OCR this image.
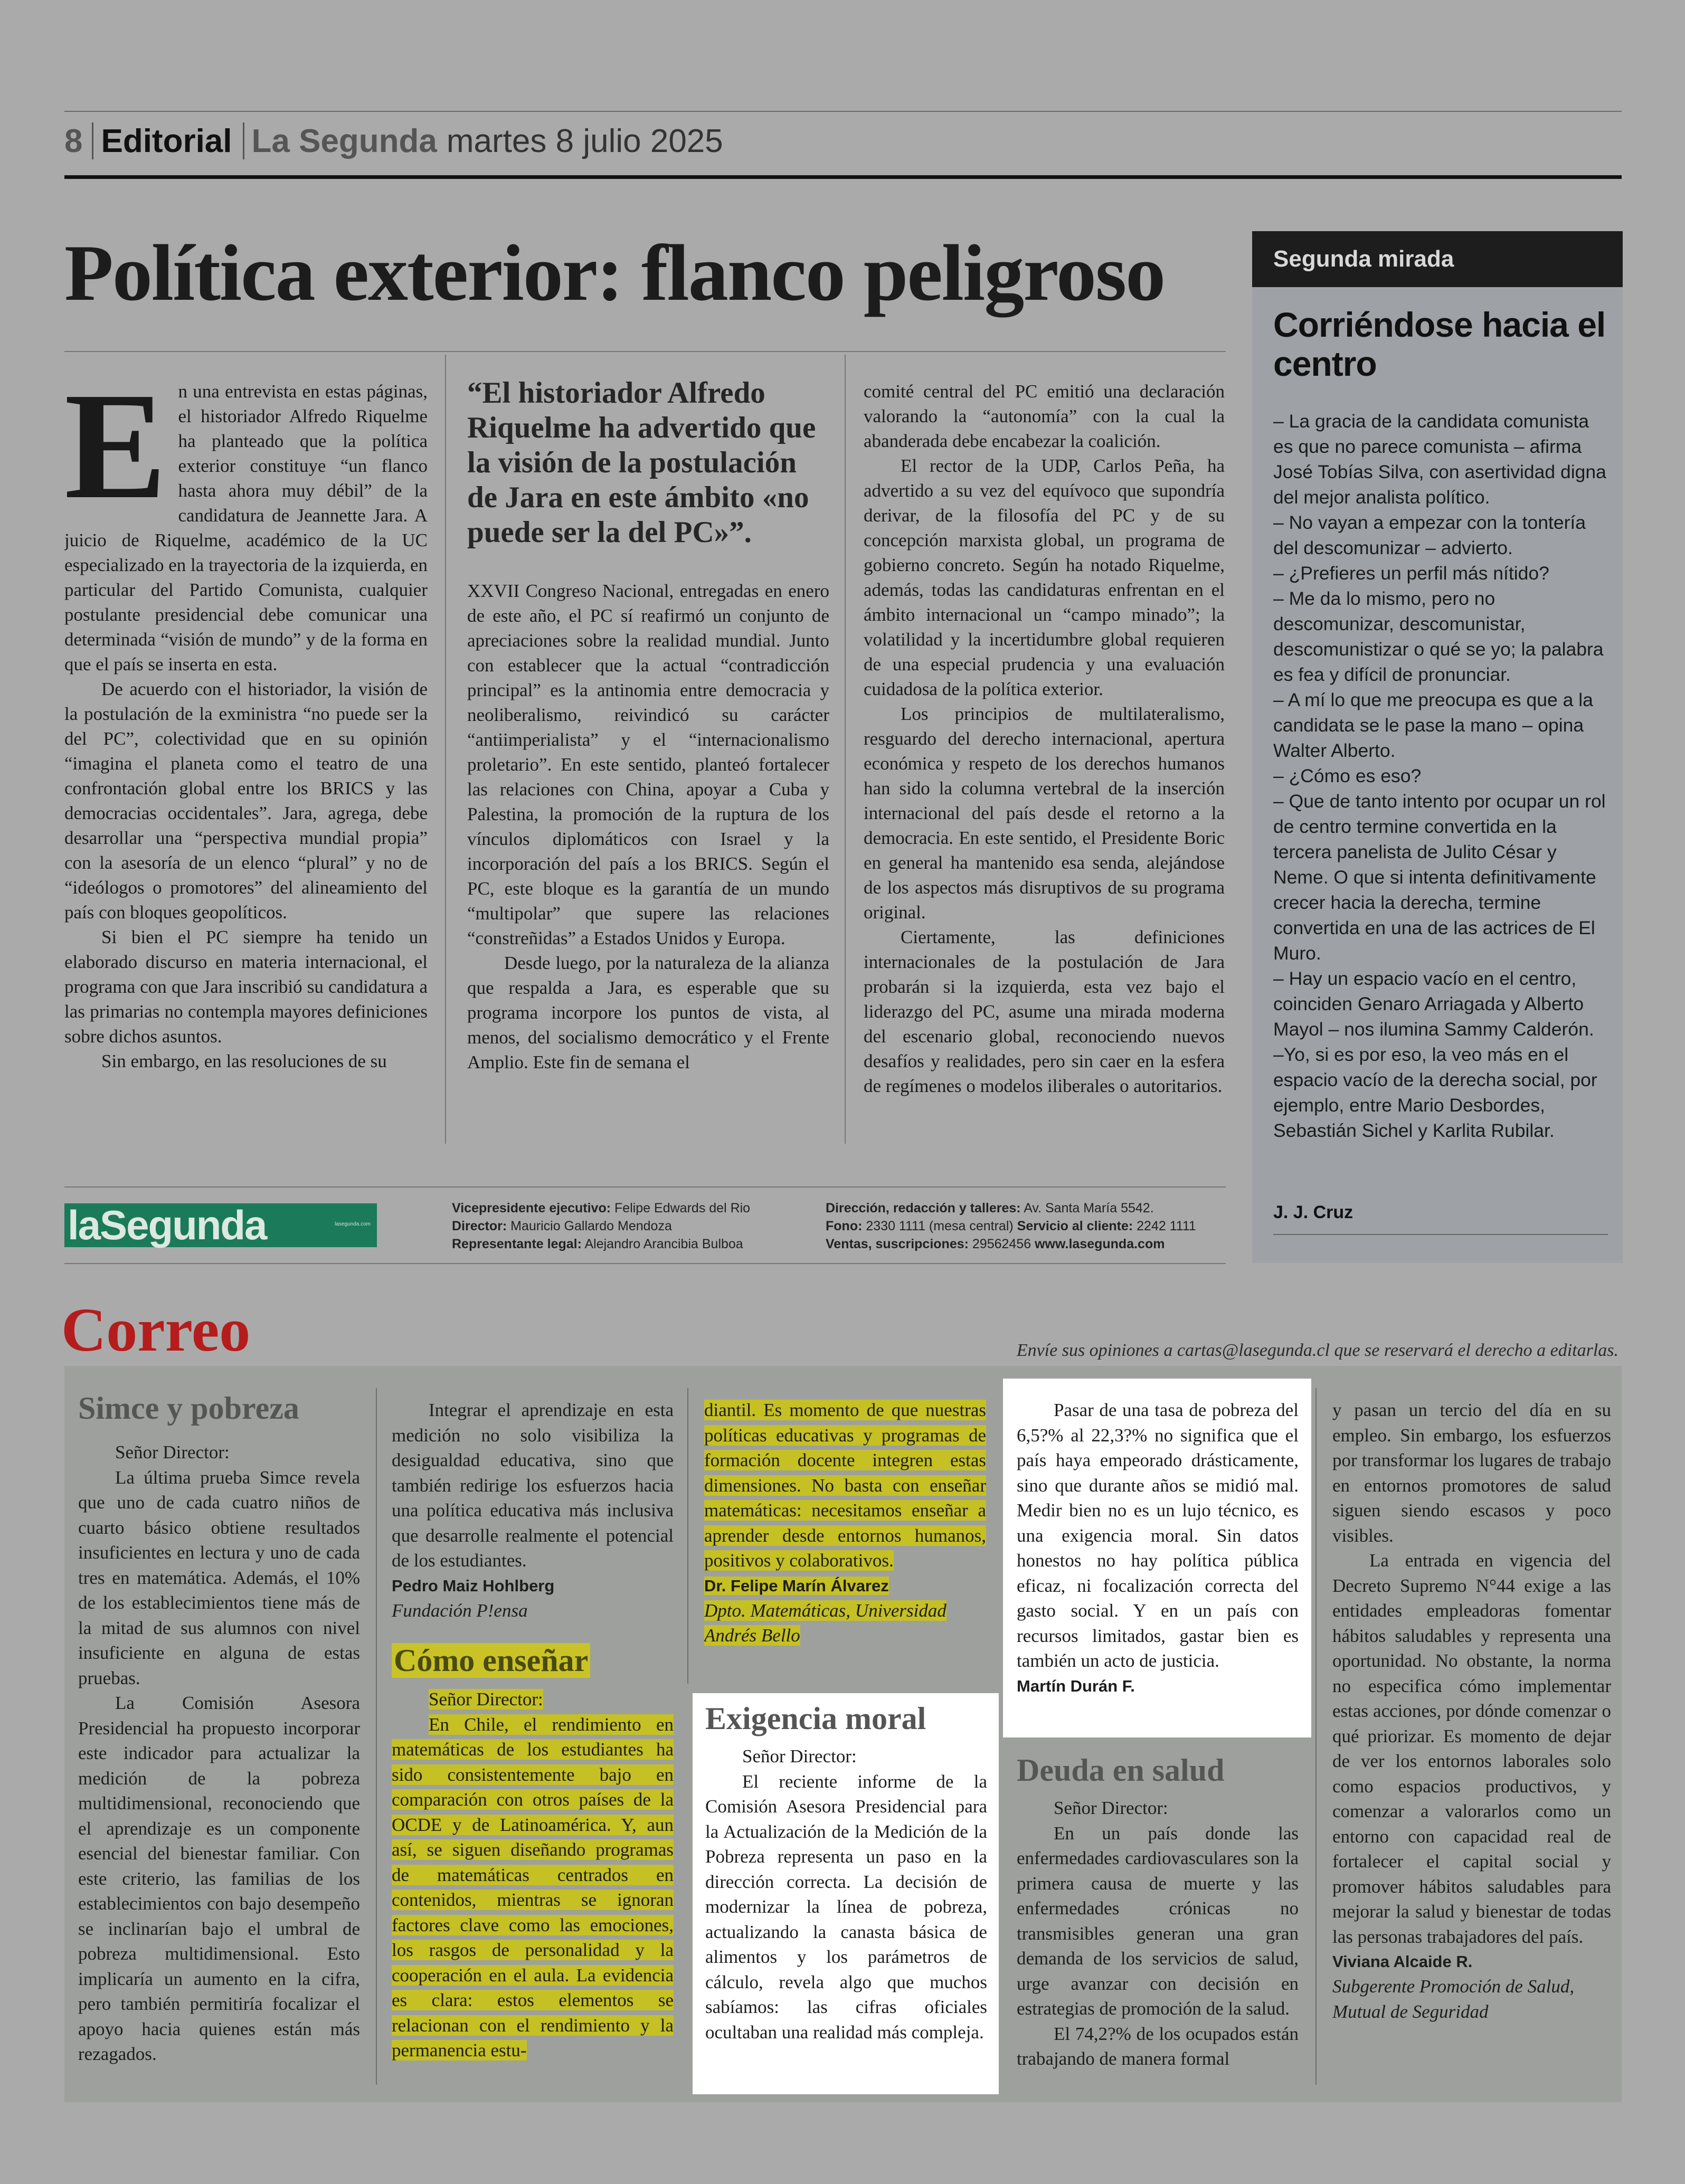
8 Editorial La Segunda martes 8 julio 2025
Política exterior: flanco peligroso
E n una entrevista en estas páginas, el historiador Alfredo Riquelme ha planteado que la política exterior constituye “un flanco hasta ahora muy débil” de la candidatura de Jeannette Jara. A juicio de Riquelme, académico de la UC especializado en la trayectoria de la izquierda, en particular del Partido Comunista, cualquier postulante presidencial debe comunicar una determinada “visión de mundo” y de la forma en que el país se inserta en esta.

De acuerdo con el historiador, la visión de la postulación de la exministra “no puede ser la del PC”, colectividad que en su opinión “imagina el planeta como el teatro de una confrontación global entre los BRICS y las democracias occidentales”. Jara, agrega, debe desarrollar una “perspectiva mundial propia” con la asesoría de un elenco “plural” y no de “ideólogos o promotores” del alineamiento del país con bloques geopolíticos.

Si bien el PC siempre ha tenido un elaborado discurso en materia internacional, el programa con que Jara inscribió su candidatura a las primarias no contempla mayores definiciones sobre dichos asuntos.

Sin embargo, en las resoluciones de su

“El historiador Alfredo Riquelme ha advertido que la visión de la postulación de Jara en este ámbito «no puede ser la del PC»”.

XXVII Congreso Nacional, entregadas en enero de este año, el PC sí reafirmó un conjunto de apreciaciones sobre la realidad mundial. Junto con establecer que la actual “contradicción principal” es la antinomia entre democracia y neoliberalismo, reivindicó su carácter “antiimperialista” y el “internacionalismo proletario”. En este sentido, planteó fortalecer las relaciones con China, apoyar a Cuba y Palestina, la promoción de la ruptura de los vínculos diplomáticos con Israel y la incorporación del país a los BRICS. Según el PC, este bloque es la garantía de un mundo “multipolar” que supere las relaciones “constreñidas” a Estados Unidos y Europa.

Desde luego, por la naturaleza de la alianza que respalda a Jara, es esperable que su programa incorpore los puntos de vista, al menos, del socialismo democrático y el Frente Amplio. Este fin de semana el

comité central del PC emitió una declaración valorando la “autonomía” con la cual la abanderada debe encabezar la coalición.

El rector de la UDP, Carlos Peña, ha advertido a su vez del equívoco que supondría derivar, de la filosofía del PC y de su concepción marxista global, un programa de gobierno concreto. Según ha notado Riquelme, además, todas las candidaturas enfrentan en el ámbito internacional un “campo minado”; la volatilidad y la incertidumbre global requieren de una especial prudencia y una evaluación cuidadosa de la política exterior.

Los principios de multilateralismo, resguardo del derecho internacional, apertura económica y respeto de los derechos humanos han sido la columna vertebral de la inserción internacional del país desde el retorno a la democracia. En este sentido, el Presidente Boric en general ha mantenido esa senda, alejándose de los aspectos más disruptivos de su programa original.

Ciertamente, las definiciones internacionales de la postulación de Jara probarán si la izquierda, esta vez bajo el liderazgo del PC, asume una mirada moderna del escenario global, reconociendo nuevos desafíos y realidades, pero sin caer en la esfera de regímenes o modelos iliberales o autoritarios.

laSegunda	lasegunda.com
Vicepresidente ejecutivo: Felipe Edwards del Rio
Director: Mauricio Gallardo Mendoza
Representante legal: Alejandro Arancibia Bulboa
Dirección, redacción y talleres: Av. Santa María 5542.
Fono: 2330 1111 (mesa central) Servicio al cliente: 2242 1111
Ventas, suscripciones: 29562456 www.lasegunda.com
Segunda mirada
Corriéndose hacia el centro

– La gracia de la candidata comunista es que no parece comunista – afirma José Tobías Silva, con asertividad digna del mejor analista político.

– No vayan a empezar con la tontería del descomunizar – advierto.

– ¿Prefieres un perfil más nítido?

– Me da lo mismo, pero no descomunizar, descomunistar, descomunistizar o qué se yo; la palabra es fea y difícil de pronunciar.

– A mí lo que me preocupa es que a la candidata se le pase la mano – opina Walter Alberto.

– ¿Cómo es eso?

– Que de tanto intento por ocupar un rol de centro termine convertida en la tercera panelista de Julito César y Neme. O que si intenta definitivamente crecer hacia la derecha, termine convertida en una de las actrices de El Muro.

– Hay un espacio vacío en el centro, coinciden Genaro Arriagada y Alberto Mayol – nos ilumina Sammy Calderón.

–Yo, si es por eso, la veo más en el espacio vacío de la derecha social, por ejemplo, entre Mario Desbordes, Sebastián Sichel y Karlita Rubilar.

J. J. Cruz
Correo	Envíe sus opiniones a cartas@lasegunda.cl que se reservará el derecho a editarlas.
Simce y pobreza

Señor Director:

La última prueba Simce revela que uno de cada cuatro niños de cuarto básico obtiene resultados insuficientes en lectura y uno de cada tres en matemática. Además, el 10% de los establecimientos tiene más de la mitad de sus alumnos con nivel insuficiente en alguna de estas pruebas.

La Comisión Asesora Presidencial ha propuesto incorporar este indicador para actualizar la medición de la pobreza multidimensional, reconociendo que el aprendizaje es un componente esencial del bienestar familiar. Con este criterio, las familias de los establecimientos con bajo desempeño se inclinarían bajo el umbral de pobreza multidimensional. Esto implicaría un aumento en la cifra, pero también permitiría focalizar el apoyo hacia quienes están más rezagados.

Integrar el aprendizaje en esta medición no solo visibiliza la desigualdad educativa, sino que también redirige los esfuerzos hacia una política educativa más inclusiva que desarrolle realmente el potencial de los estudiantes.

Pedro Maiz Hohlberg

Fundación P!ensa

Cómo enseñar

Señor Director:

En Chile, el rendimiento en matemáticas de los estudiantes ha sido consistentemente bajo en comparación con otros países de la OCDE y de Latinoamérica. Y, aun así, se siguen diseñando programas de matemáticas centrados en contenidos, mientras se ignoran factores clave como las emociones, los rasgos de personalidad y la cooperación en el aula. La evidencia es clara: estos elementos se relacionan con el rendimiento y la permanencia estu-

diantil. Es momento de que nuestras políticas educativas y programas de formación docente integren estas dimensiones. No basta con enseñar matemáticas: necesitamos enseñar a aprender desde entornos humanos, positivos y colaborativos.

Dr. Felipe Marín Álvarez

Dpto. Matemáticas, Universidad Andrés Bello

Exigencia moral

Señor Director:

El reciente informe de la Comisión Asesora Presidencial para la Actualización de la Medición de la Pobreza representa un paso en la dirección correcta. La decisión de modernizar la línea de pobreza, actualizando la canasta básica de alimentos y los parámetros de cálculo, revela algo que muchos sabíamos: las cifras oficiales ocultaban una realidad más compleja.

Pasar de una tasa de pobreza del 6,5?% al 22,3?% no significa que el país haya empeorado drásticamente, sino que durante años se midió mal. Medir bien no es un lujo técnico, es una exigencia moral. Sin datos honestos no hay política pública eficaz, ni focalización correcta del gasto social. Y en un país con recursos limitados, gastar bien es también un acto de justicia.

Martín Durán F.

Deuda en salud

Señor Director:

En un país donde las enfermedades cardiovasculares son la primera causa de muerte y las enfermedades crónicas no transmisibles generan una gran demanda de los servicios de salud, urge avanzar con decisión en estrategias de promoción de la salud.

El 74,2?% de los ocupados están trabajando de manera formal

y pasan un tercio del día en su empleo. Sin embargo, los esfuerzos por transformar los lugares de trabajo en entornos promotores de salud siguen siendo escasos y poco visibles.

La entrada en vigencia del Decreto Supremo N°44 exige a las entidades empleadoras fomentar hábitos saludables y representa una oportunidad. No obstante, la norma no especifica cómo implementar estas acciones, por dónde comenzar o qué priorizar. Es momento de dejar de ver los entornos laborales solo como espacios productivos, y comenzar a valorarlos como un entorno con capacidad real de fortalecer el capital social y promover hábitos saludables para mejorar la salud y bienestar de todas las personas trabajadores del país.

Viviana Alcaide R.

Subgerente Promoción de Salud, Mutual de Seguridad
